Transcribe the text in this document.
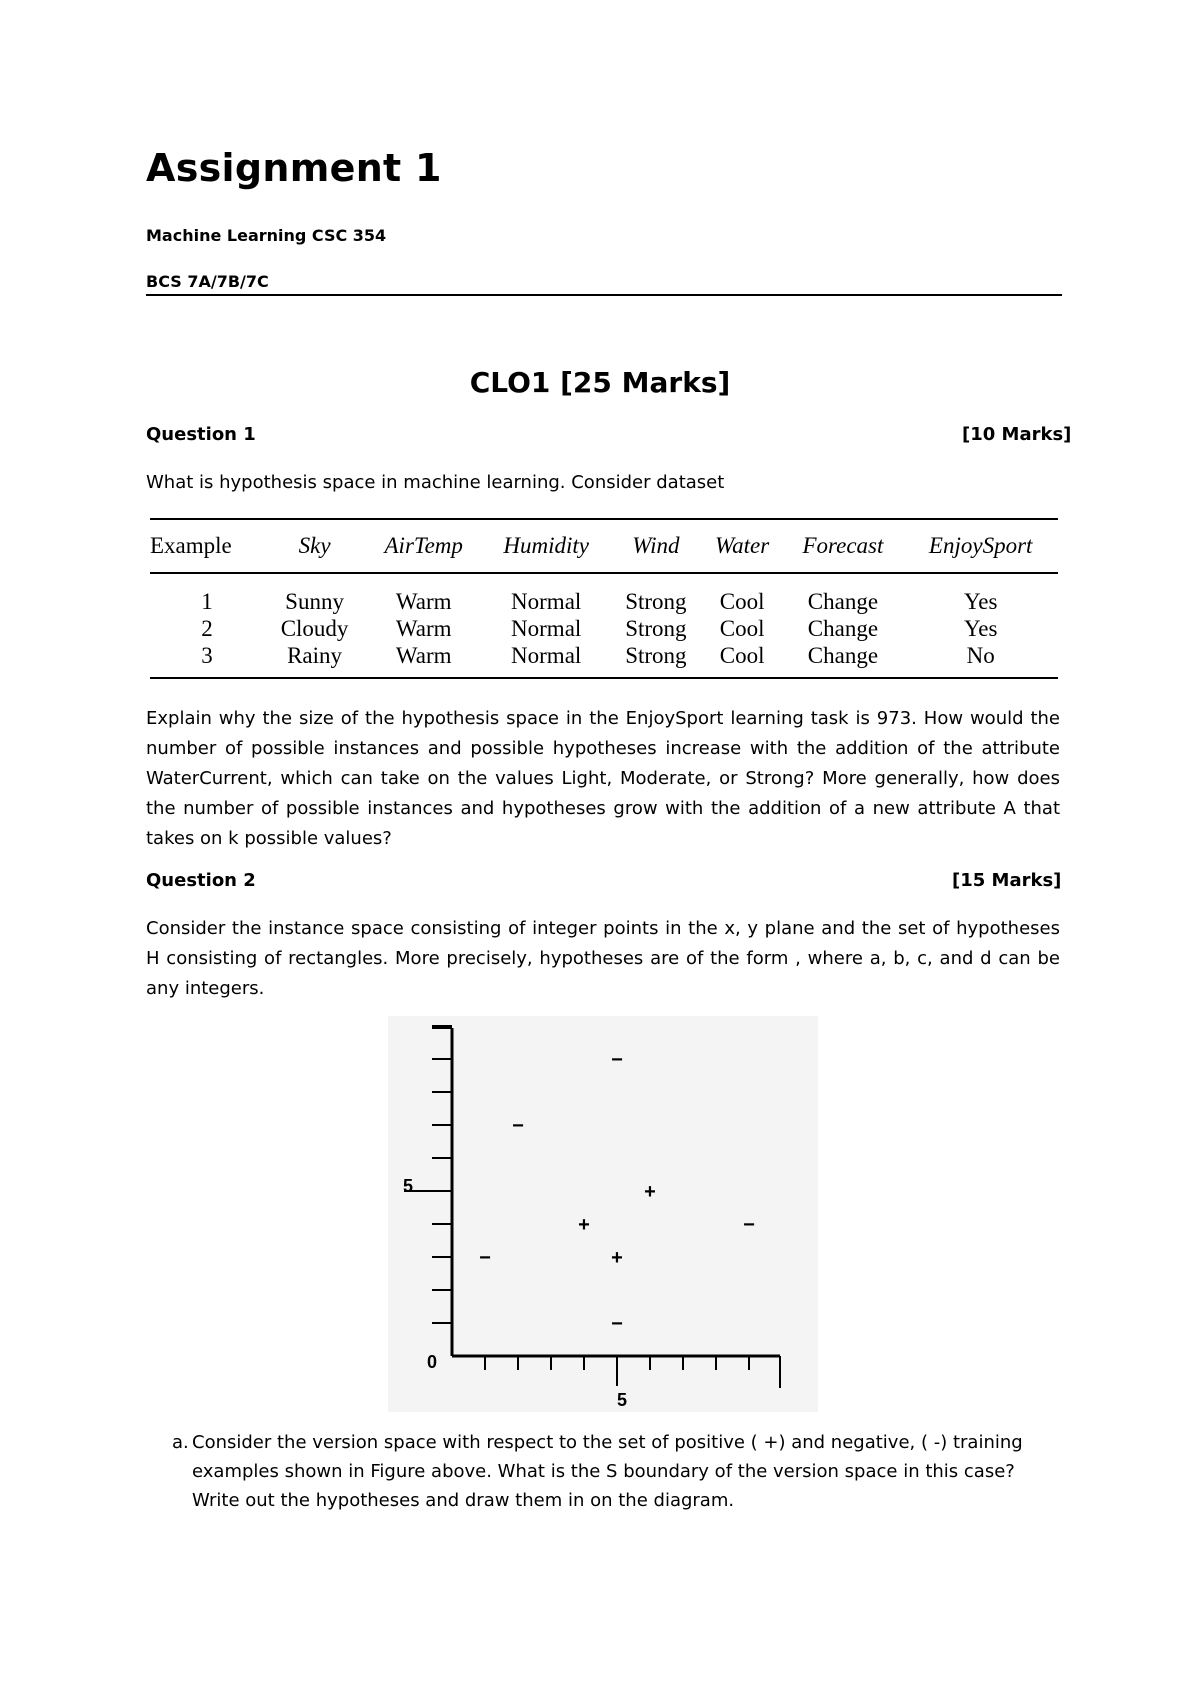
Assignment 1
Machine Learning CSC 354
BCS 7A/7B/7C
CLO1 [25 Marks]
Question 1	[10 Marks]
What is hypothesis space in machine learning. Consider dataset
Example	Sky	AirTemp	Humidity	Wind	Water	Forecast	EnjoySport
1	Sunny	Warm	Normal	Strong	Cool	Change	Yes
2	Cloudy	Warm	Normal	Strong	Cool	Change	Yes
3	Rainy	Warm	Normal	Strong	Cool	Change	No
Explain why the size of the hypothesis space in the EnjoySport learning task is 973. How would the number of possible instances and possible hypotheses increase with the addition of the attribute WaterCurrent, which can take on the values Light, Moderate, or Strong? More generally, how does the number of possible instances and hypotheses grow with the addition of a new attribute A that takes on k possible values?
Question 2	[15 Marks]
Consider the instance space consisting of integer points in the x, y plane and the set of hypotheses H consisting of rectangles. More precisely, hypotheses are of the form , where a, b, c, and d can be any integers.
0
5
5
−
−
+
+	−
−	+
−
a. Consider the version space with respect to the set of positive ( +) and negative, ( -) training examples shown in Figure above. What is the S boundary of the version space in this case? Write out the hypotheses and draw them in on the diagram.
